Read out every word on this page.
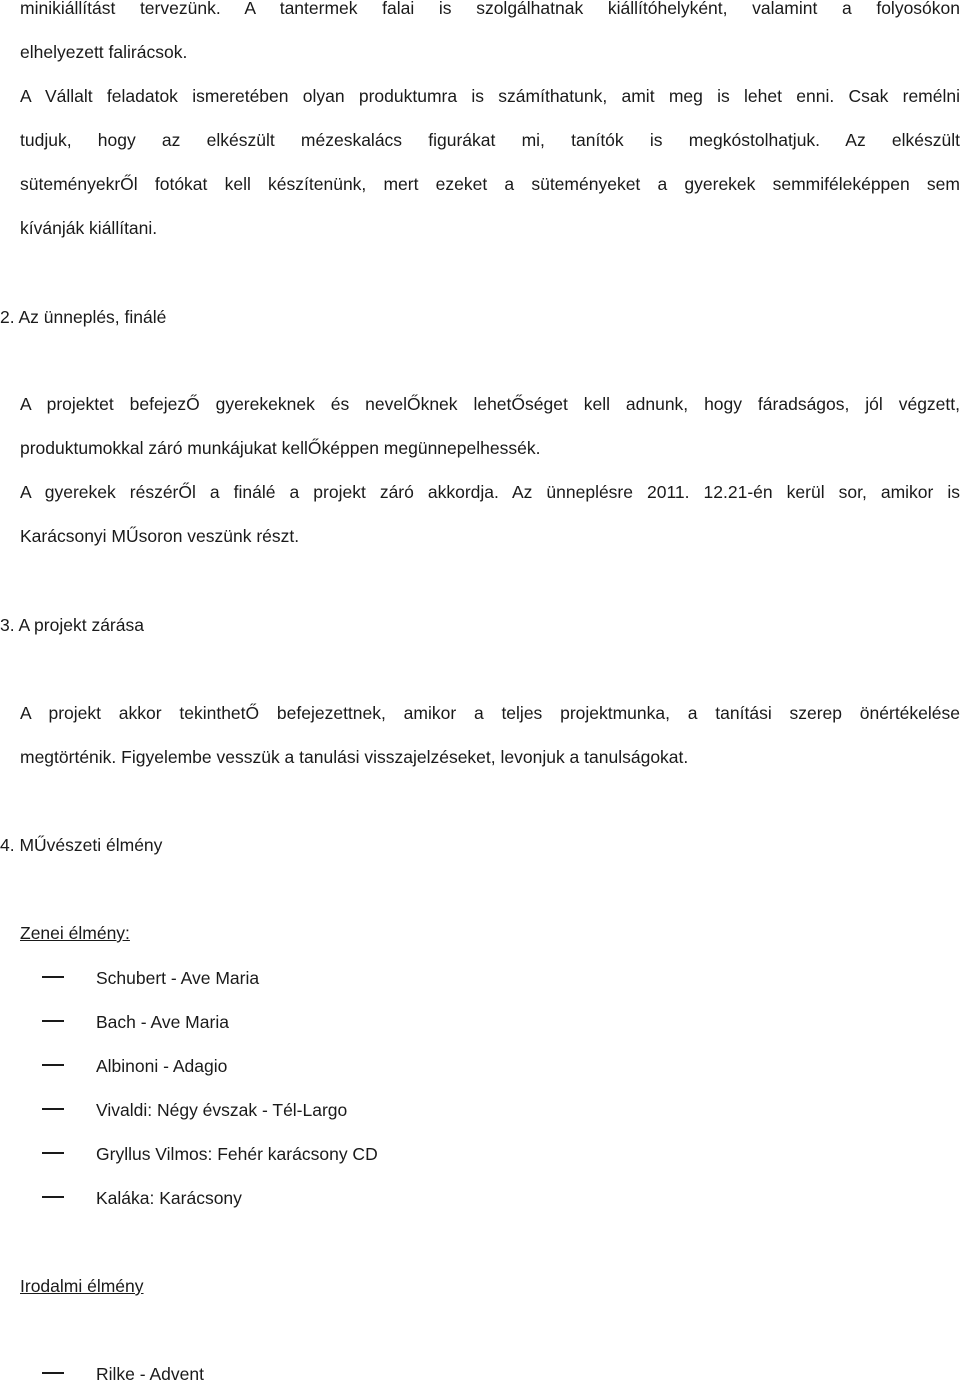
minikiállítást tervezünk. A tantermek falai is szolgálhatnak kiállítóhelyként, valamint a folyosókon
elhelyezett falirácsok.
A Vállalt feladatok ismeretében olyan produktumra is számíthatunk, amit meg is lehet enni. Csak remélni
tudjuk, hogy az elkészült mézeskalács figurákat mi, tanítók is megkóstolhatjuk. Az elkészült
süteményekrŐl fotókat kell készítenünk, mert ezeket a süteményeket a gyerekek semmiféleképpen sem
kívánják kiállítani.
2. Az ünneplés, finálé
A projektet befejezŐ gyerekeknek és nevelŐknek lehetŐséget kell adnunk, hogy fáradságos, jól végzett,
produktumokkal záró munkájukat kellŐképpen megünnepelhessék.
A gyerekek részérŐl a finálé a projekt záró akkordja. Az ünneplésre 2011. 12.21-én kerül sor, amikor is
Karácsonyi MŰsoron veszünk részt.
3. A projekt zárása
A projekt akkor tekinthetŐ befejezettnek, amikor a teljes projektmunka, a tanítási szerep önértékelése
megtörténik. Figyelembe vesszük a tanulási visszajelzéseket, levonjuk a tanulságokat.
4. MŰvészeti élmény
Zenei élmény:
Schubert - Ave Maria
Bach - Ave Maria
Albinoni - Adagio
Vivaldi: Négy évszak - Tél-Largo
Gryllus Vilmos: Fehér karácsony CD
Kaláka: Karácsony
Irodalmi élmény
Rilke - Advent
